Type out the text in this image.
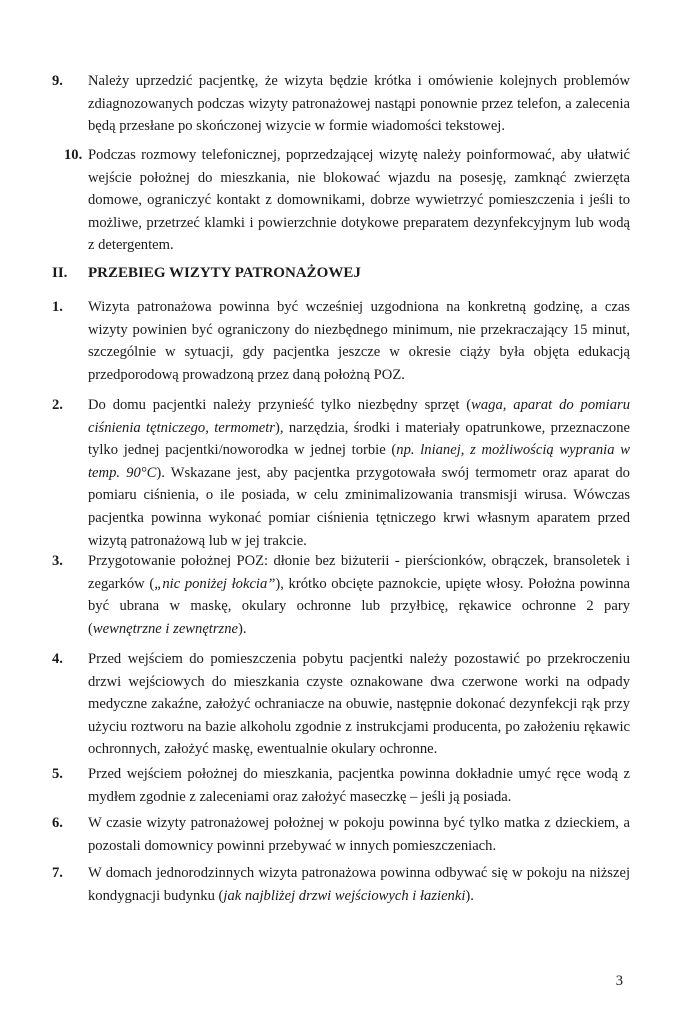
9. Należy uprzedzić pacjentkę, że wizyta będzie krótka i omówienie kolejnych problemów zdiagnozowanych podczas wizyty patronażowej nastąpi ponownie przez telefon, a zalecenia będą przesłane po skończonej wizycie w formie wiadomości tekstowej.
10. Podczas rozmowy telefonicznej, poprzedzającej wizytę należy poinformować, aby ułatwić wejście położnej do mieszkania, nie blokować wjazdu na posesję, zamknąć zwierzęta domowe, ograniczyć kontakt z domownikami, dobrze wywietrzyć pomieszczenia i jeśli to możliwe, przetrzeć klamki i powierzchnie dotykowe preparatem dezynfekcyjnym lub wodą z detergentem.
II. PRZEBIEG WIZYTY PATRONAŻOWEJ
1. Wizyta patronażowa powinna być wcześniej uzgodniona na konkretną godzinę, a czas wizyty powinien być ograniczony do niezbędnego minimum, nie przekraczający 15 minut, szczególnie w sytuacji, gdy pacjentka jeszcze w okresie ciąży była objęta edukacją przedporodową prowadzoną przez daną położną POZ.
2. Do domu pacjentki należy przynieść tylko niezbędny sprzęt (waga, aparat do pomiaru ciśnienia tętniczego, termometr), narzędzia, środki i materiały opatrunkowe, przeznaczone tylko jednej pacjentki/noworodka w jednej torbie (np. lnianej, z możliwością wyprania w temp. 90°C). Wskazane jest, aby pacjentka przygotowała swój termometr oraz aparat do pomiaru ciśnienia, o ile posiada, w celu zminimalizowania transmisji wirusa. Wówczas pacjentka powinna wykonać pomiar ciśnienia tętniczego krwi własnym aparatem przed wizytą patronażową lub w jej trakcie.
3. Przygotowanie położnej POZ: dłonie bez biżuterii - pierścionków, obrączek, bransoletek i zegarków („nic poniżej łokcia”), krótko obcięte paznokcie, upięte włosy. Położna powinna być ubrana w maskę, okulary ochronne lub przyłbicę, rękawice ochronne 2 pary (wewnętrzne i zewnętrzne).
4. Przed wejściem do pomieszczenia pobytu pacjentki należy pozostawić po przekroczeniu drzwi wejściowych do mieszkania czyste oznakowane dwa czerwone worki na odpady medyczne zakaźne, założyć ochraniacze na obuwie, następnie dokonać dezynfekcji rąk przy użyciu roztworu na bazie alkoholu zgodnie z instrukcjami producenta, po założeniu rękawic ochronnych, założyć maskę, ewentualnie okulary ochronne.
5. Przed wejściem położnej do mieszkania, pacjentka powinna dokładnie umyć ręce wodą z mydłem zgodnie z zaleceniami oraz założyć maseczkę – jeśli ją posiada.
6. W czasie wizyty patronażowej położnej w pokoju powinna być tylko matka z dzieckiem, a pozostali domownicy powinni przebywać w innych pomieszczeniach.
7. W domach jednorodzinnych wizyta patronażowa powinna odbywać się w pokoju na niższej kondygnacji budynku (jak najbliżej drzwi wejściowych i łazienki).
3
